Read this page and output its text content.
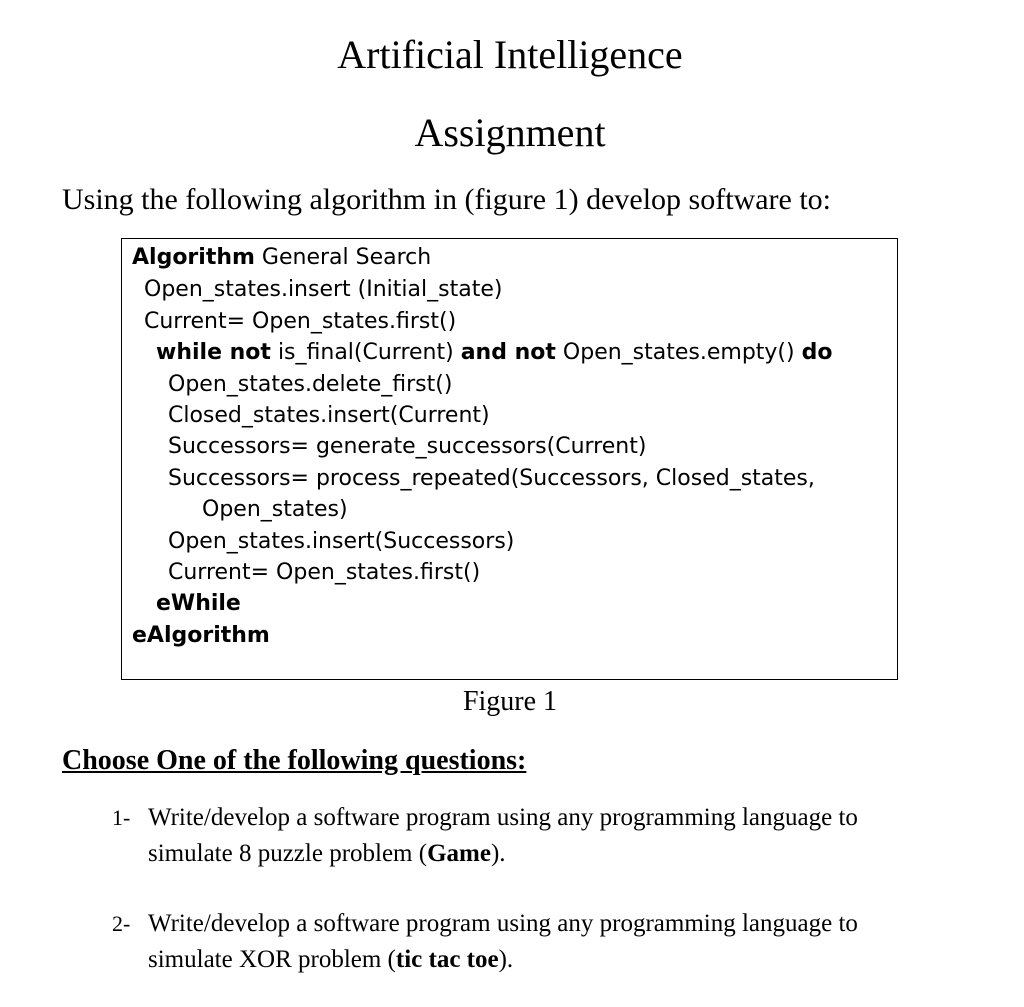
Artificial Intelligence
Assignment
Using the following algorithm in (figure 1) develop software to:
Algorithm General Search
Open_states.insert (Initial_state)
Current= Open_states.first()
while not is_final(Current) and not Open_states.empty() do
Open_states.delete_first()
Closed_states.insert(Current)
Successors= generate_successors(Current)
Successors= process_repeated(Successors, Closed_states,
Open_states)
Open_states.insert(Successors)
Current= Open_states.first()
eWhile
eAlgorithm
Figure 1
Choose One of the following questions:
1- Write/develop a software program using any programming language to
simulate 8 puzzle problem (Game).
2- Write/develop a software program using any programming language to
simulate XOR problem (tic tac toe).
